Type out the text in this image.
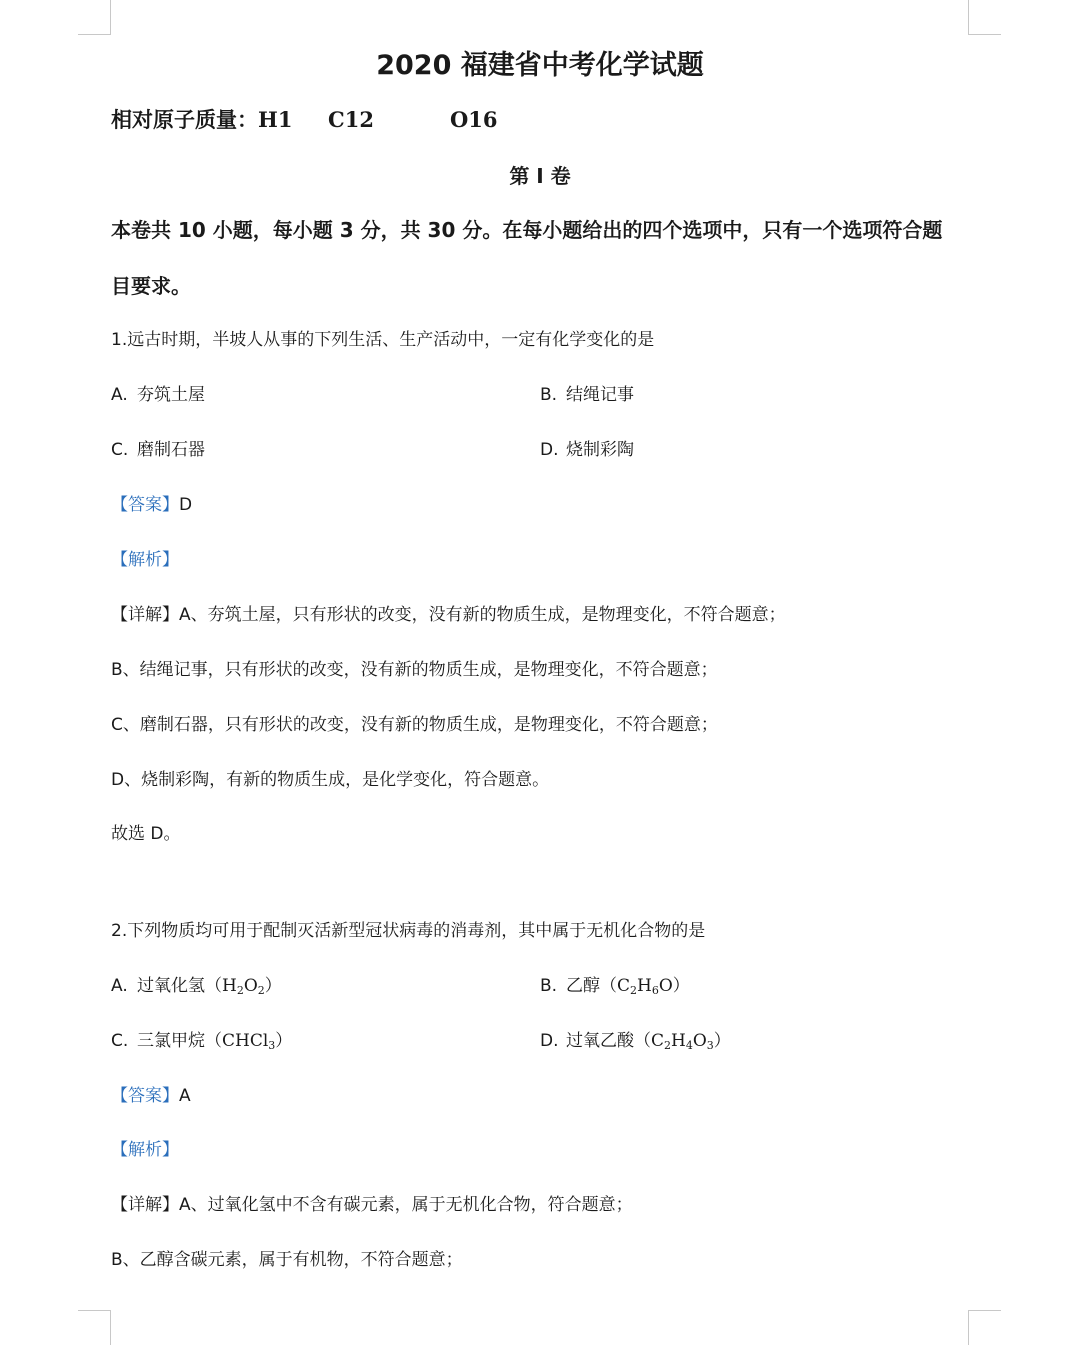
2020 福建省中考化学试题
相对原子质量：H1 C12	O16
第 I 卷
本卷共 10 小题，每小题 3 分，共 30 分。在每小题给出的四个选项中，只有一个选项符合题
目要求。
1.远古时期，半坡人从事的下列生活、生产活动中，一定有化学变化的是
A. 夯筑土屋	B. 结绳记事
C. 磨制石器	D. 烧制彩陶
【答案】D
【解析】
【详解】A、夯筑土屋，只有形状的改变，没有新的物质生成，是物理变化，不符合题意；
B、结绳记事，只有形状的改变，没有新的物质生成，是物理变化，不符合题意；
C、磨制石器，只有形状的改变，没有新的物质生成，是物理变化，不符合题意；
D、烧制彩陶，有新的物质生成，是化学变化，符合题意。
故选 D。
2.下列物质均可用于配制灭活新型冠状病毒的消毒剂，其中属于无机化合物的是
A. 过氧化氢$(H_2O_2)$	B. 乙醇$(C_2H_6O)$
C. 三氯甲烷（CHCl$_3$）	D. 过氧乙酸$(C_2H_4O_3)$
【答案】A
【解析】
【详解】A、过氧化氢中不含有碳元素，属于无机化合物，符合题意；
B、乙醇含碳元素，属于有机物，不符合题意；
